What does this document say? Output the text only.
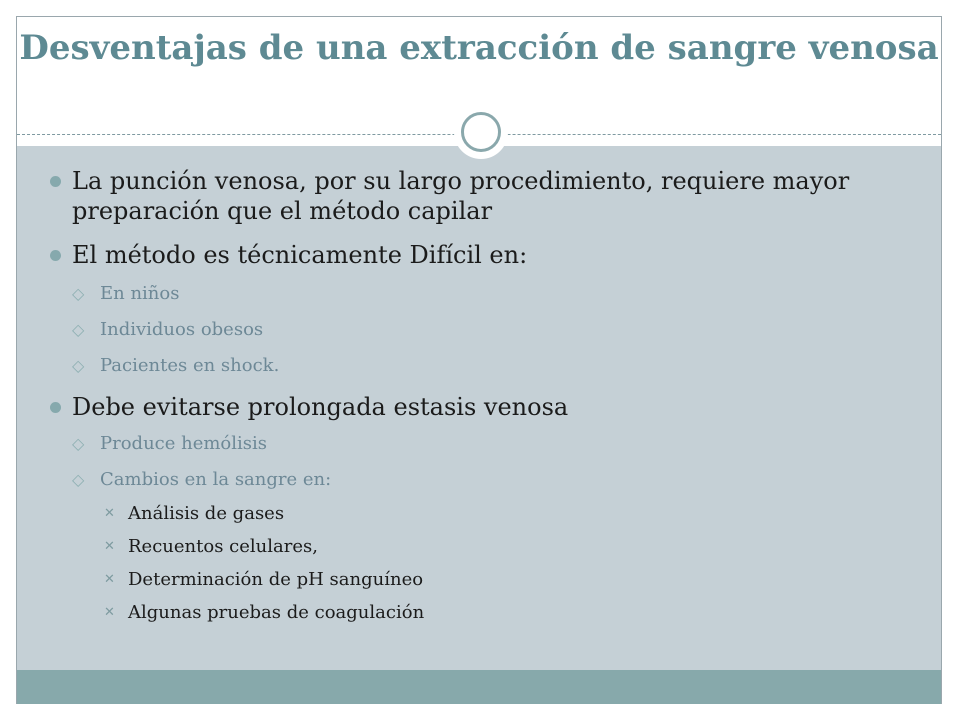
Desventajas de una extracción de sangre venosa
La punción venosa, por su largo procedimiento, requiere mayor preparación que el método capilar
El método es técnicamente Difícil en:
◇ En niños
◇ Individuos obesos
◇ Pacientes en shock.
Debe evitarse prolongada estasis venosa
◇ Produce hemólisis
◇ Cambios en la sangre en:
✕ Análisis de gases
✕ Recuentos celulares,
✕ Determinación de pH sanguíneo
✕ Algunas pruebas de coagulación
